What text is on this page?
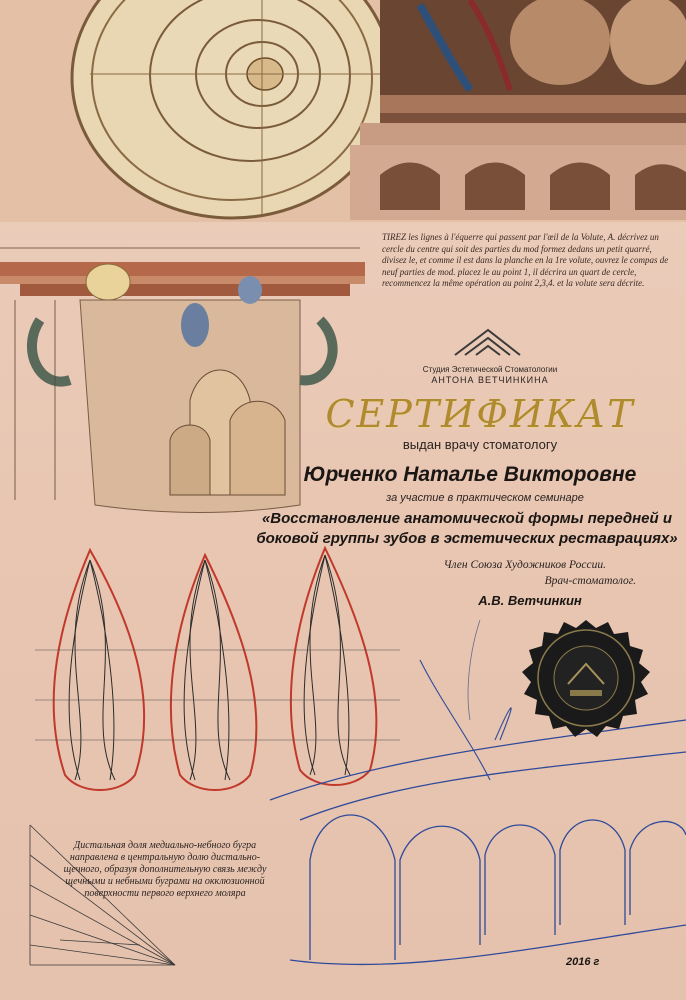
TIREZ les lignes à l'équerre qui passent par l'œil de la Volute, A. décrivez un cercle du centre qui soit des parties du mod formez dedans un petit quarré, divisez le, et comme il est dans la planche en la 1re volute, ouvrez le compas de neuf parties de mod. placez le au point 1, il décrira un quart de cercle, recommencez la même opération au point 2,3,4. et la volute sera décrite.
Студия Эстетической Стоматологии
АНТОНА ВЕТЧИНКИНА
СЕРТИФИКАТ
выдан врачу стоматологу
Юрченко Наталье Викторовне
за участие в практическом семинаре
«Восстановление анатомической формы передней и боковой группы зубов в эстетических реставрациях»
Член Союза Художников России.
Врач-стоматолог.
А.В. Ветчинкин
Дистальная доля медиально-небного бугра направлена в центральную долю дистально-щечного, образуя дополнительную связь между щечными и небными буграми на окклюзионной поверхности первого верхнего моляра
2016 г
